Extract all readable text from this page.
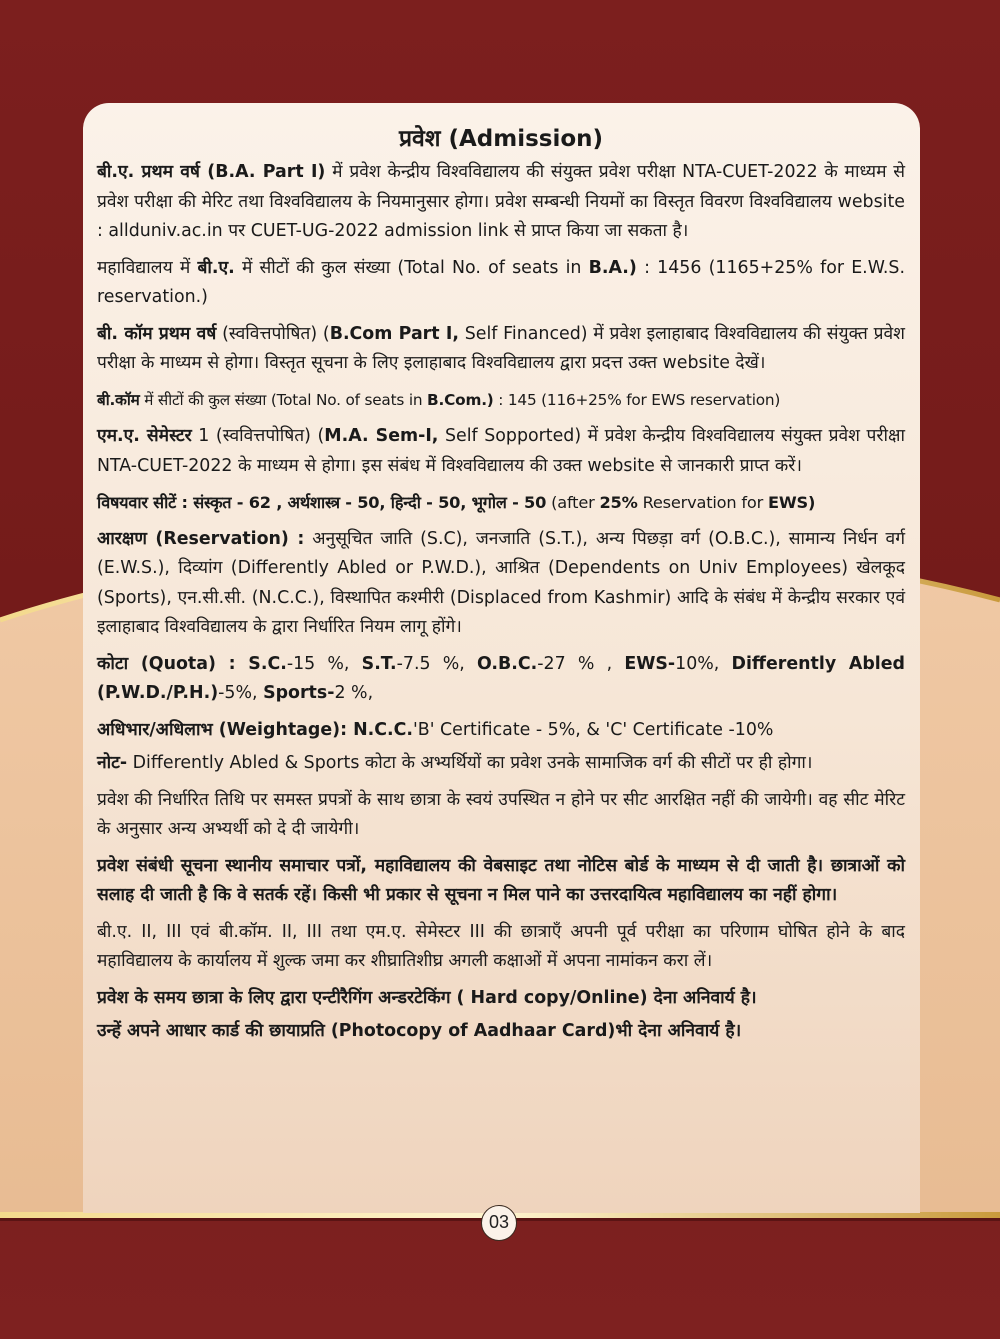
प्रवेश (Admission)

बी.ए. प्रथम वर्ष (B.A. Part I) में प्रवेश केन्द्रीय विश्वविद्यालय की संयुक्त प्रवेश परीक्षा NTA-CUET-2022 के माध्यम से प्रवेश परीक्षा की मेरिट तथा विश्वविद्यालय के नियमानुसार होगा। प्रवेश सम्बन्धी नियमों का विस्तृत विवरण विश्वविद्यालय website : allduniv.ac.in पर CUET-UG-2022 admission link से प्राप्त किया जा सकता है।

महाविद्यालय में बी.ए. में सीटों की कुल संख्या (Total No. of seats in B.A.) : 1456 (1165+25% for E.W.S. reservation.)

बी. कॉम प्रथम वर्ष (स्ववित्तपोषित) (B.Com Part I, Self Financed) में प्रवेश इलाहाबाद विश्वविद्यालय की संयुक्त प्रवेश परीक्षा के माध्यम से होगा। विस्तृत सूचना के लिए इलाहाबाद विश्वविद्यालय द्वारा प्रदत्त उक्त website देखें।

बी.कॉम में सीटों की कुल संख्या (Total No. of seats in B.Com.) : 145 (116+25% for EWS reservation)

एम.ए. सेमेस्टर 1 (स्ववित्तपोषित) (M.A. Sem-I, Self Sopported) में प्रवेश केन्द्रीय विश्वविद्यालय संयुक्त प्रवेश परीक्षा NTA-CUET-2022 के माध्यम से होगा। इस संबंध में विश्वविद्यालय की उक्त website से जानकारी प्राप्त करें।

विषयवार सीटें : संस्कृत - 62 , अर्थशास्त्र - 50, हिन्दी - 50, भूगोल - 50 (after 25% Reservation for EWS)

आरक्षण (Reservation) : अनुसूचित जाति (S.C), जनजाति (S.T.), अन्य पिछड़ा वर्ग (O.B.C.), सामान्य निर्धन वर्ग (E.W.S.), दिव्यांग (Differently Abled or P.W.D.), आश्रित (Dependents on Univ Employees) खेलकूद (Sports), एन.सी.सी. (N.C.C.), विस्थापित कश्मीरी (Displaced from Kashmir) आदि के संबंध में केन्द्रीय सरकार एवं इलाहाबाद विश्वविद्यालय के द्वारा निर्धारित नियम लागू होंगे।

कोटा (Quota) : S.C.-15 %, S.T.-7.5 %, O.B.C.-27 % , EWS-10%, Differently Abled (P.W.D./P.H.)-5%, Sports-2 %,

अधिभार/अधिलाभ (Weightage): N.C.C.'B' Certificate - 5%, & 'C' Certificate -10%

नोट- Differently Abled & Sports कोटा के अभ्यर्थियों का प्रवेश उनके सामाजिक वर्ग की सीटों पर ही होगा।

प्रवेश की निर्धारित तिथि पर समस्त प्रपत्रों के साथ छात्रा के स्वयं उपस्थित न होने पर सीट आरक्षित नहीं की जायेगी। वह सीट मेरिट के अनुसार अन्य अभ्यर्थी को दे दी जायेगी।

प्रवेश संबंधी सूचना स्थानीय समाचार पत्रों, महाविद्यालय की वेबसाइट तथा नोटिस बोर्ड के माध्यम से दी जाती है। छात्राओं को सलाह दी जाती है कि वे सतर्क रहें। किसी भी प्रकार से सूचना न मिल पाने का उत्तरदायित्व महाविद्यालय का नहीं होगा।

बी.ए. II, III एवं बी.कॉम. II, III तथा एम.ए. सेमेस्टर III की छात्राएँ अपनी पूर्व परीक्षा का परिणाम घोषित होने के बाद महाविद्यालय के कार्यालय में शुल्क जमा कर शीघ्रातिशीघ्र अगली कक्षाओं में अपना नामांकन करा लें।

प्रवेश के समय छात्रा के लिए द्वारा एन्टीरैगिंग अन्डरटेकिंग ( Hard copy/Online) देना अनिवार्य है।

उन्हें अपने आधार कार्ड की छायाप्रति (Photocopy of Aadhaar Card)भी देना अनिवार्य है।

03
